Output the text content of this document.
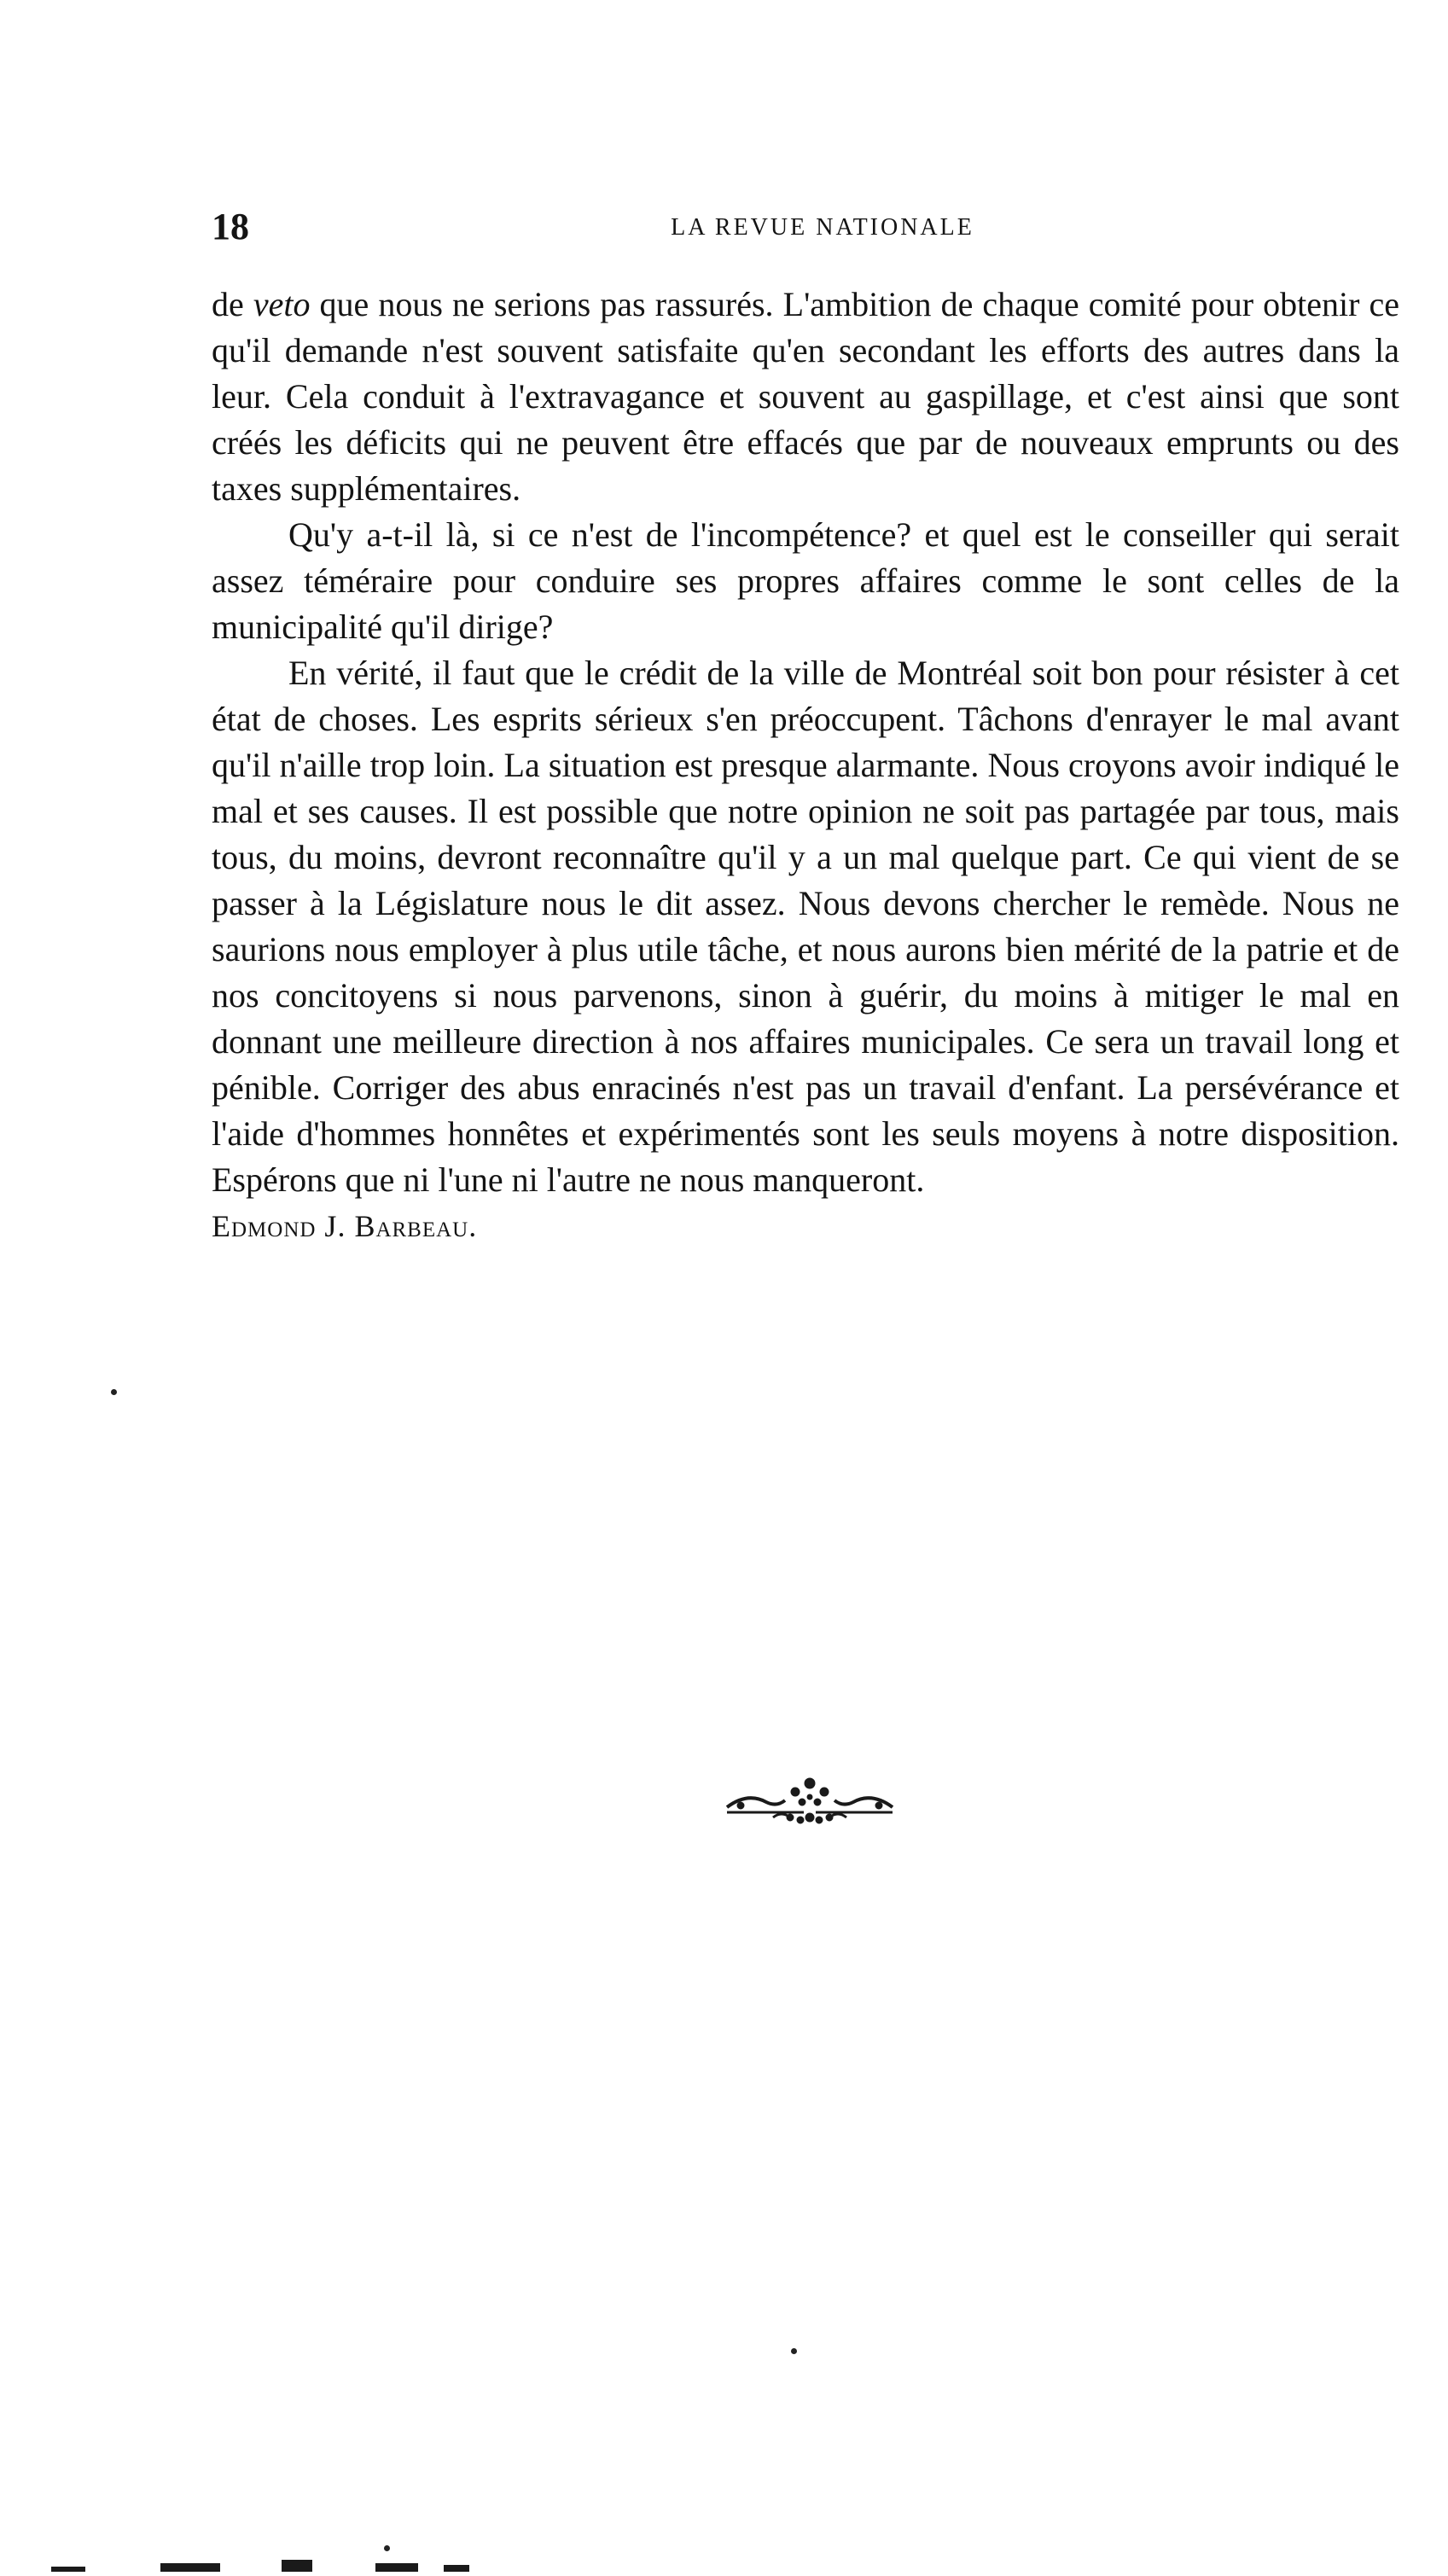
18	LA REVUE NATIONALE

de veto que nous ne serions pas rassurés. L'ambition de chaque comité pour obtenir ce qu'il demande n'est souvent satisfaite qu'en secondant les efforts des autres dans la leur. Cela conduit à l'extravagance et souvent au gaspillage, et c'est ainsi que sont créés les déficits qui ne peuvent être effacés que par de nouveaux emprunts ou des taxes supplémentaires.

Qu'y a-t-il là, si ce n'est de l'incompétence? et quel est le conseiller qui serait assez téméraire pour conduire ses propres affaires comme le sont celles de la municipalité qu'il dirige?

En vérité, il faut que le crédit de la ville de Montréal soit bon pour résister à cet état de choses. Les esprits sérieux s'en préoccupent. Tâchons d'enrayer le mal avant qu'il n'aille trop loin. La situation est presque alarmante. Nous croyons avoir indiqué le mal et ses causes. Il est possible que notre opinion ne soit pas partagée par tous, mais tous, du moins, devront reconnaître qu'il y a un mal quelque part. Ce qui vient de se passer à la Législature nous le dit assez. Nous devons chercher le remède. Nous ne saurions nous employer à plus utile tâche, et nous aurons bien mérité de la patrie et de nos concitoyens si nous parvenons, sinon à guérir, du moins à mitiger le mal en donnant une meilleure direction à nos affaires municipales. Ce sera un travail long et pénible. Corriger des abus enracinés n'est pas un travail d'enfant. La persévérance et l'aide d'hommes honnêtes et expérimentés sont les seuls moyens à notre disposition. Espérons que ni l'une ni l'autre ne nous manqueront.

Edmond J. Barbeau.
